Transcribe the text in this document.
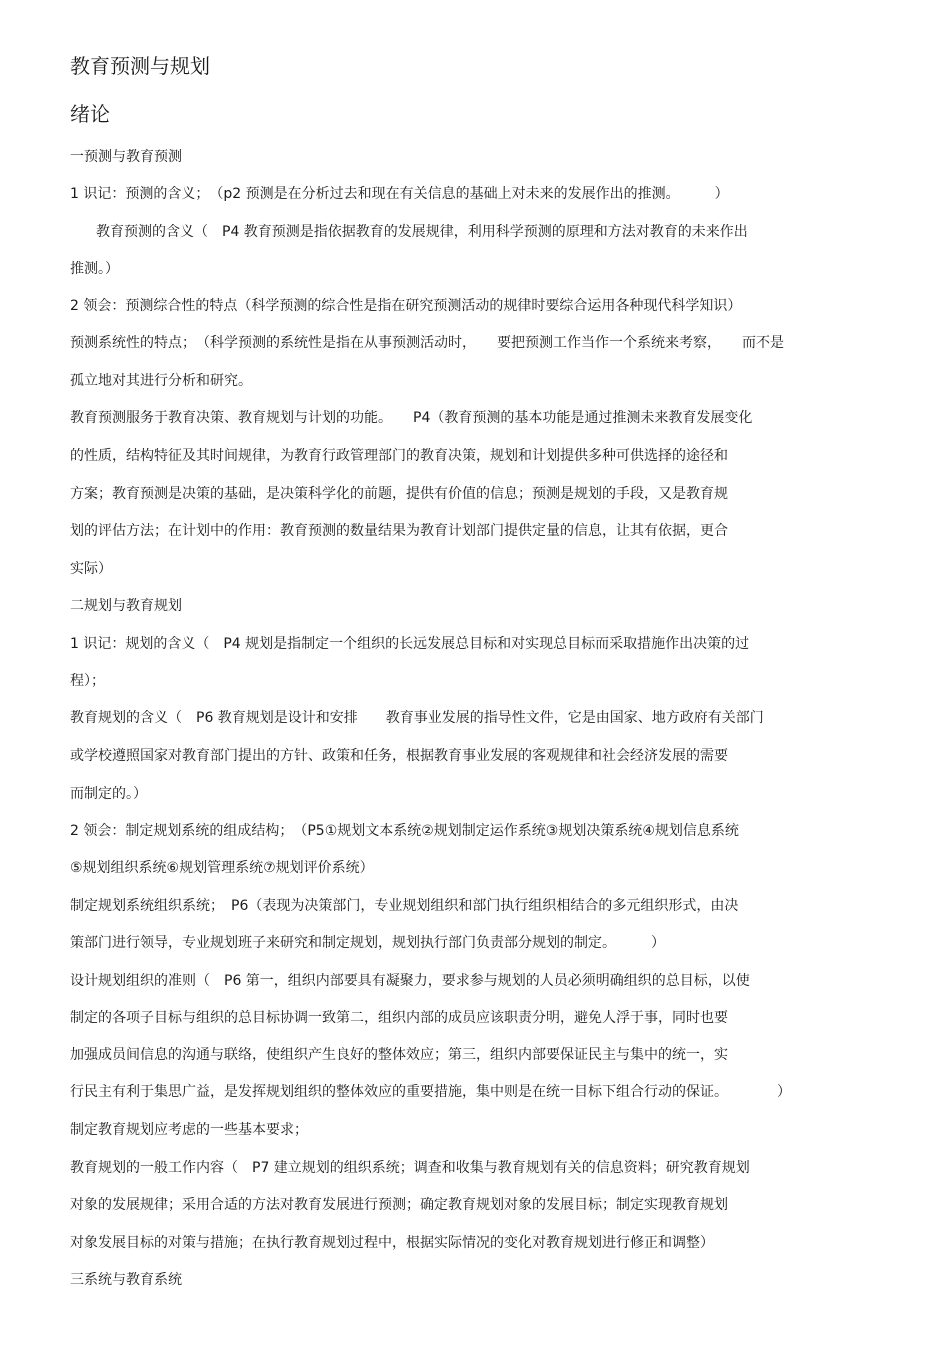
教育预测与规划
绪论
一预测与教育预测
1 识记：预测的含义；　（p2 预测是在分析过去和现在有关信息的基础上对未来的发展作出的推测。　　　）
教育预测的含义（　P4 教育预测是指依据教育的发展规律，利用科学预测的原理和方法对教育的未来作出
推测。）
2 领会：预测综合性的特点（科学预测的综合性是指在研究预测活动的规律时要综合运用各种现代科学知识）
预测系统性的特点；　（科学预测的系统性是指在从事预测活动时，　　要把预测工作当作一个系统来考察，　　而不是
孤立地对其进行分析和研究。
教育预测服务于教育决策、教育规划与计划的功能。　　P4（教育预测的基本功能是通过推测未来教育发展变化
的性质，结构特征及其时间规律，为教育行政管理部门的教育决策，规划和计划提供多种可供选择的途径和
方案；教育预测是决策的基础，是决策科学化的前题，提供有价值的信息；预测是规划的手段，又是教育规
划的评估方法；在计划中的作用：教育预测的数量结果为教育计划部门提供定量的信息，让其有依据，更合
实际）
二规划与教育规划
1 识记：规划的含义（　P4 规划是指制定一个组织的长远发展总目标和对实现总目标而采取措施作出决策的过
程）；
教育规划的含义（　P6 教育规划是设计和安排　　教育事业发展的指导性文件，它是由国家、地方政府有关部门
或学校遵照国家对教育部门提出的方针、政策和任务，根据教育事业发展的客观规律和社会经济发展的需要
而制定的。）
2 领会：制定规划系统的组成结构；　（P5①规划文本系统②规划制定运作系统③规划决策系统④规划信息系统
⑤规划组织系统⑥规划管理系统⑦规划评价系统）
制定规划系统组织系统；　P6（表现为决策部门，专业规划组织和部门执行组织相结合的多元组织形式，由决
策部门进行领导，专业规划班子来研究和制定规划，规划执行部门负责部分规划的制定。　　　）
设计规划组织的准则（　P6 第一，组织内部要具有凝聚力，要求参与规划的人员必须明确组织的总目标，以使
制定的各项子目标与组织的总目标协调一致第二，组织内部的成员应该职责分明，避免人浮于事，同时也要
加强成员间信息的沟通与联络，使组织产生良好的整体效应；第三，组织内部要保证民主与集中的统一，实
行民主有利于集思广益，是发挥规划组织的整体效应的重要措施，集中则是在统一目标下组合行动的保证。　　　　）
制定教育规划应考虑的一些基本要求；
教育规划的一般工作内容（　P7 建立规划的组织系统；调查和收集与教育规划有关的信息资料；研究教育规划
对象的发展规律；采用合适的方法对教育发展进行预测；确定教育规划对象的发展目标；制定实现教育规划
对象发展目标的对策与措施；在执行教育规划过程中，根据实际情况的变化对教育规划进行修正和调整）
三系统与教育系统
